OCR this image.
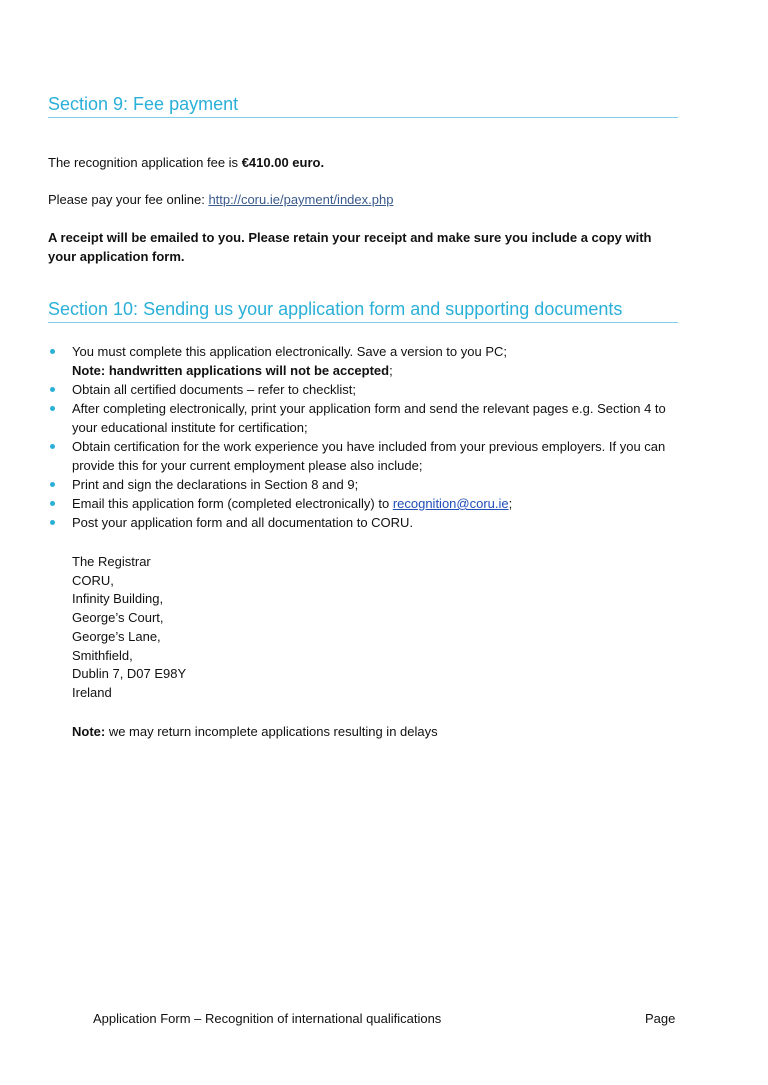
Section 9: Fee payment

The recognition application fee is €410.00 euro.

Please pay your fee online: http://coru.ie/payment/index.php

A receipt will be emailed to you. Please retain your receipt and make sure you include a copy with your application form.

Section 10: Sending us your application form and supporting documents
You must complete this application electronically. Save a version to you PC;
Note: handwritten applications will not be accepted;
Obtain all certified documents – refer to checklist;
After completing electronically, print your application form and send the relevant pages e.g. Section 4 to your educational institute for certification;
Obtain certification for the work experience you have included from your previous employers. If you can provide this for your current employment please also include;
Print and sign the declarations in Section 8 and 9;
Email this application form (completed electronically) to recognition@coru.ie;
Post your application form and all documentation to CORU.
The Registrar
CORU,
Infinity Building,
George’s Court,
George’s Lane,
Smithfield,
Dublin 7, D07 E98Y
Ireland

Note: we may return incomplete applications resulting in delays

Application Form – Recognition of international qualifications	Page
